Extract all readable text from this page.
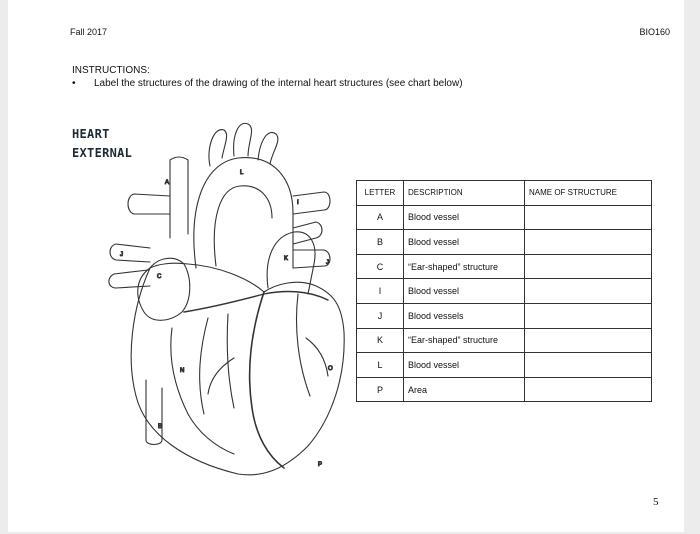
Fall 2017	BIO160
INSTRUCTIONS:
•	Label the structures of the drawing of the internal heart structures (see chart below)
HEART
EXTERNAL
A
L
I
J
J
C
K
N	O
B
P
LETTER	DESCRIPTION	NAME OF STRUCTURE
A	Blood vessel	
B	Blood vessel	
C	“Ear-shaped” structure	
I	Blood vessel	
J	Blood vessels	
K	“Ear-shaped” structure	
L	Blood vessel	
P	Area	
5
